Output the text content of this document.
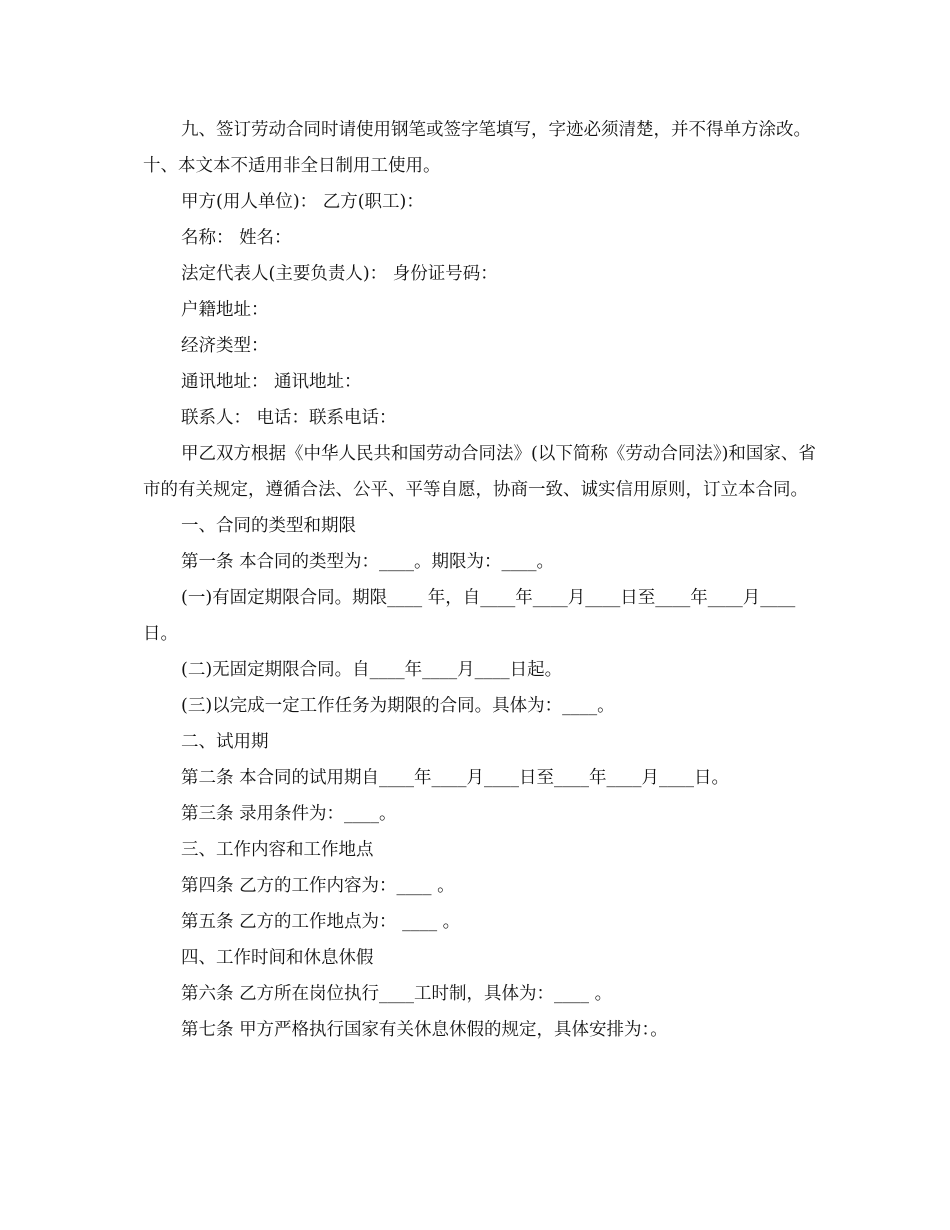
九、签订劳动合同时请使用钢笔或签字笔填写，字迹必须清楚，并不得单方涂改。十、本文本不适用非全日制用工使用。

甲方(用人单位)： 乙方(职工)：

名称： 姓名：

法定代表人(主要负责人)： 身份证号码：

户籍地址：

经济类型：

通讯地址： 通讯地址：

联系人： 电话：联系电话：

甲乙双方根据《中华人民共和国劳动合同法》(以下简称《劳动合同法》)和国家、省市的有关规定，遵循合法、公平、平等自愿，协商一致、诚实信用原则，订立本合同。

一、合同的类型和期限

第一条 本合同的类型为：____。期限为：____。

(一)有固定期限合同。期限____ 年，自____年____月____日至____年____月____日。

(二)无固定期限合同。自____年____月____日起。

(三)以完成一定工作任务为期限的合同。具体为：____。

二、试用期

第二条 本合同的试用期自____年____月____日至____年____月____日。

第三条 录用条件为：____。

三、工作内容和工作地点

第四条 乙方的工作内容为：____ 。

第五条 乙方的工作地点为： ____ 。

四、工作时间和休息休假

第六条 乙方所在岗位执行____工时制，具体为：____ 。

第七条 甲方严格执行国家有关休息休假的规定，具体安排为：。
